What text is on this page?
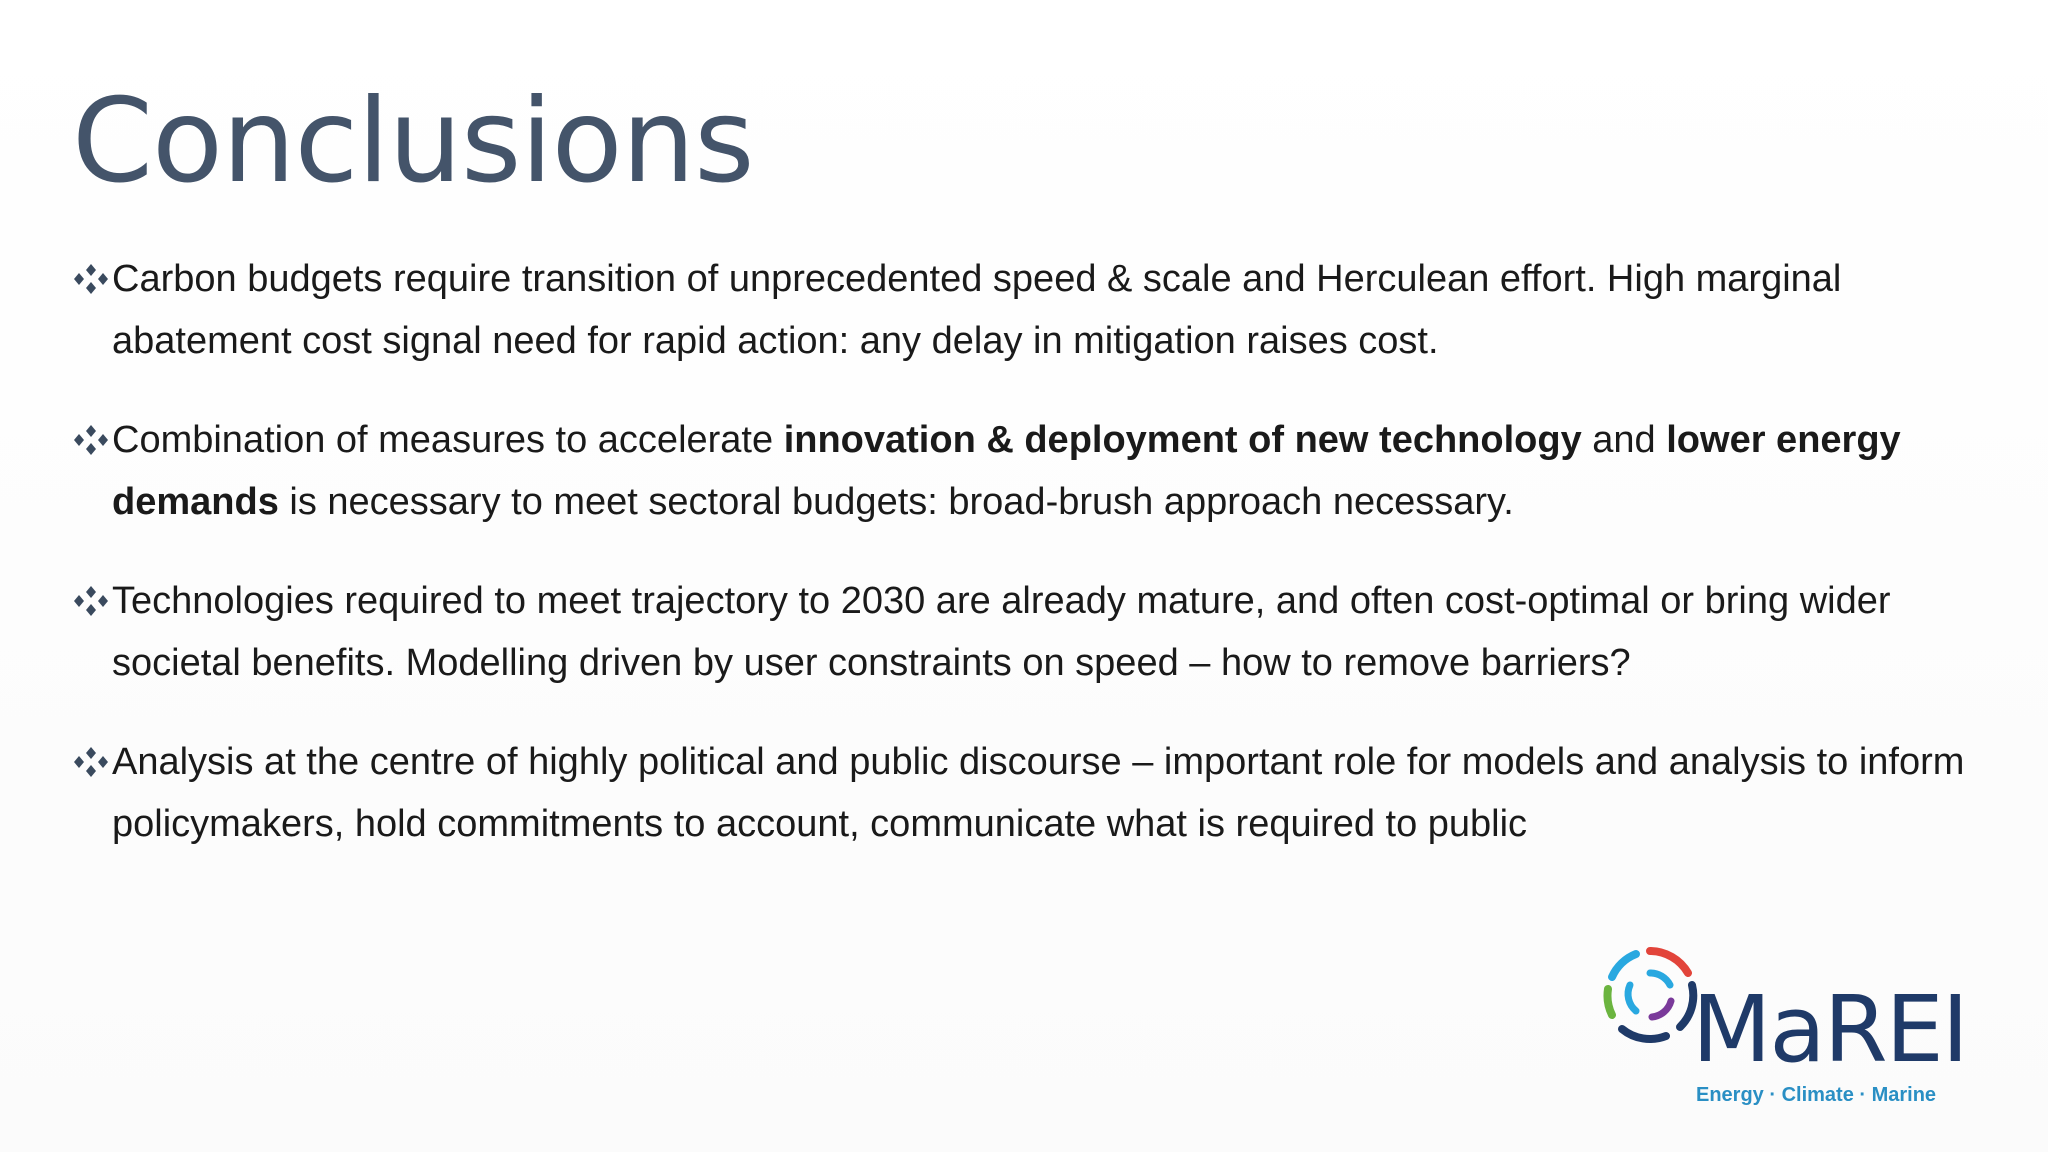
Conclusions
Carbon budgets require transition of unprecedented speed & scale and Herculean effort. High marginal abatement cost signal need for rapid action: any delay in mitigation raises cost.
Combination of measures to accelerate innovation & deployment of new technology and lower energy demands is necessary to meet sectoral budgets: broad-brush approach necessary.
Technologies required to meet trajectory to 2030 are already mature, and often cost-optimal or bring wider societal benefits. Modelling driven by user constraints on speed – how to remove barriers?
Analysis at the centre of highly political and public discourse – important role for models and analysis to inform policymakers, hold commitments to account, communicate what is required to public
MaREI
Energy · Climate · Marine
